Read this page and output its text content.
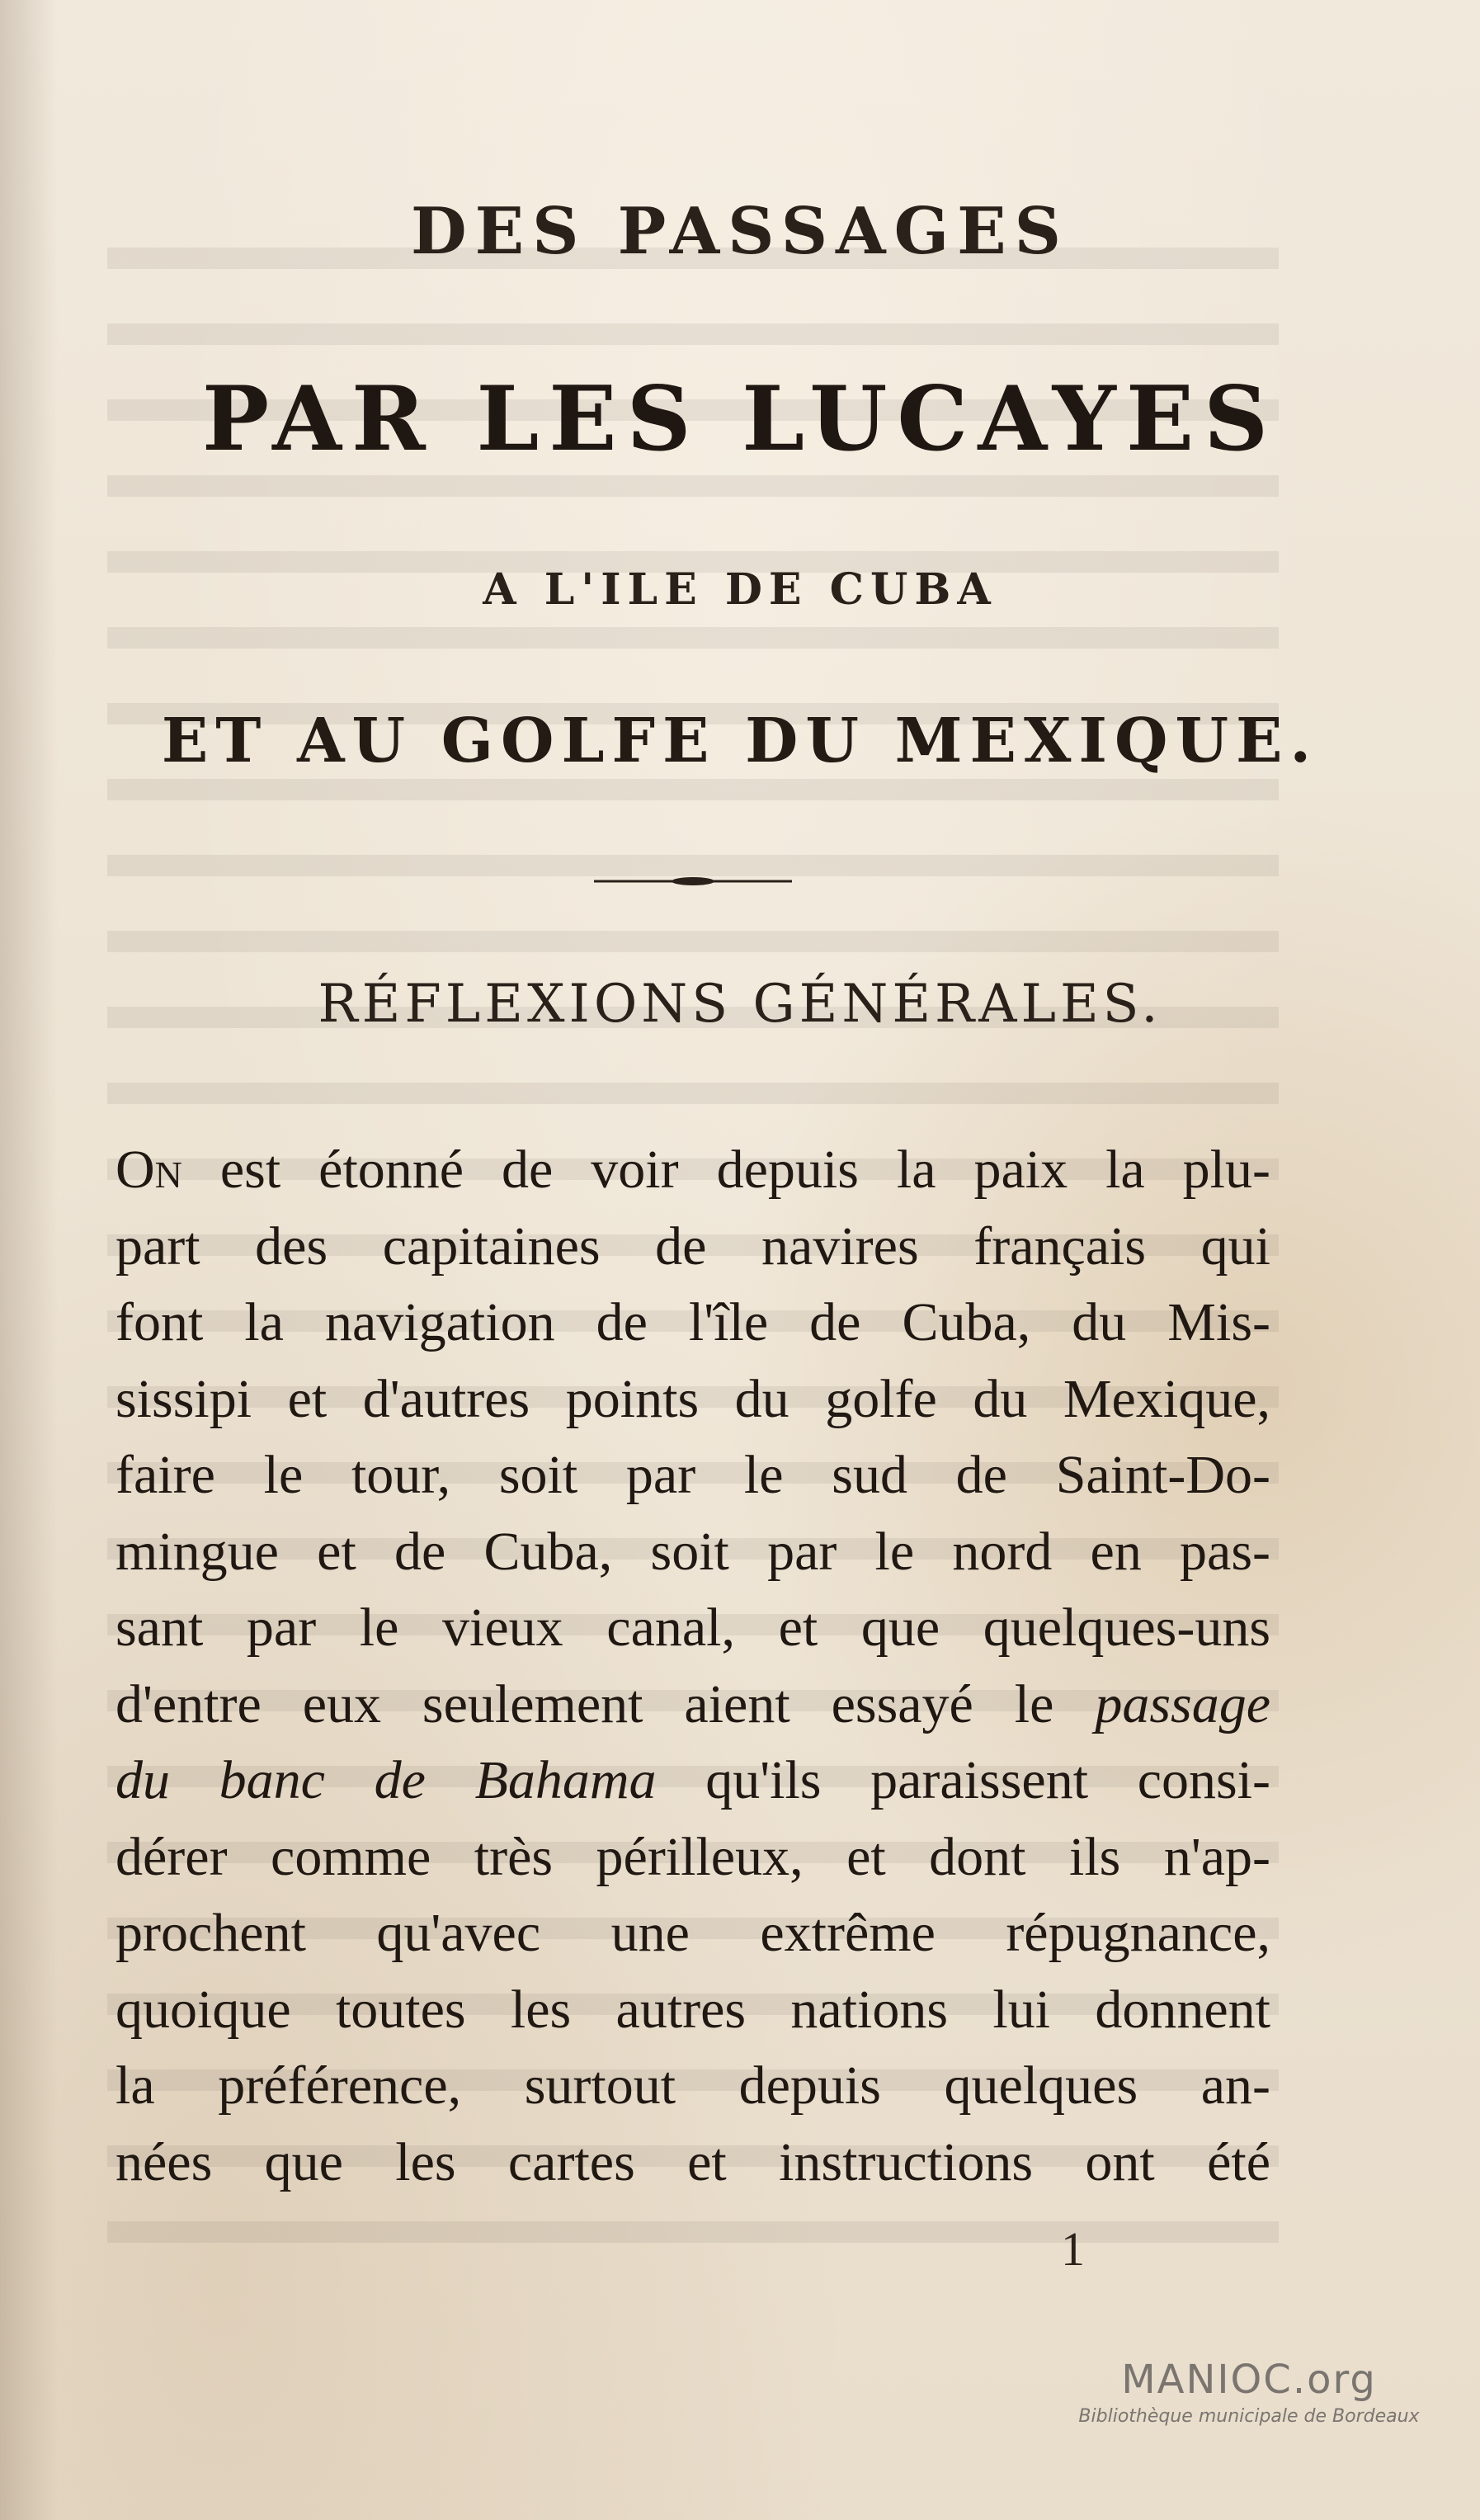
DES PASSAGES
PAR LES LUCAYES
A L'ILE DE CUBA
ET AU GOLFE DU MEXIQUE.
RÉFLEXIONS GÉNÉRALES.
On est étonné de voir depuis la paix la plu-
part des capitaines de navires français qui
font la navigation de l'île de Cuba, du Mis-
sissipi et d'autres points du golfe du Mexique,
faire le tour, soit par le sud de Saint-Do-
mingue et de Cuba, soit par le nord en pas-
sant par le vieux canal, et que quelques-uns
d'entre eux seulement aient essayé le passage
du banc de Bahama qu'ils paraissent consi-
dérer comme très périlleux, et dont ils n'ap-
prochent qu'avec une extrême répugnance,
quoique toutes les autres nations lui donnent
la préférence, surtout depuis quelques an-
nées que les cartes et instructions ont été
1
MANIOC.org
Bibliothèque municipale de Bordeaux
